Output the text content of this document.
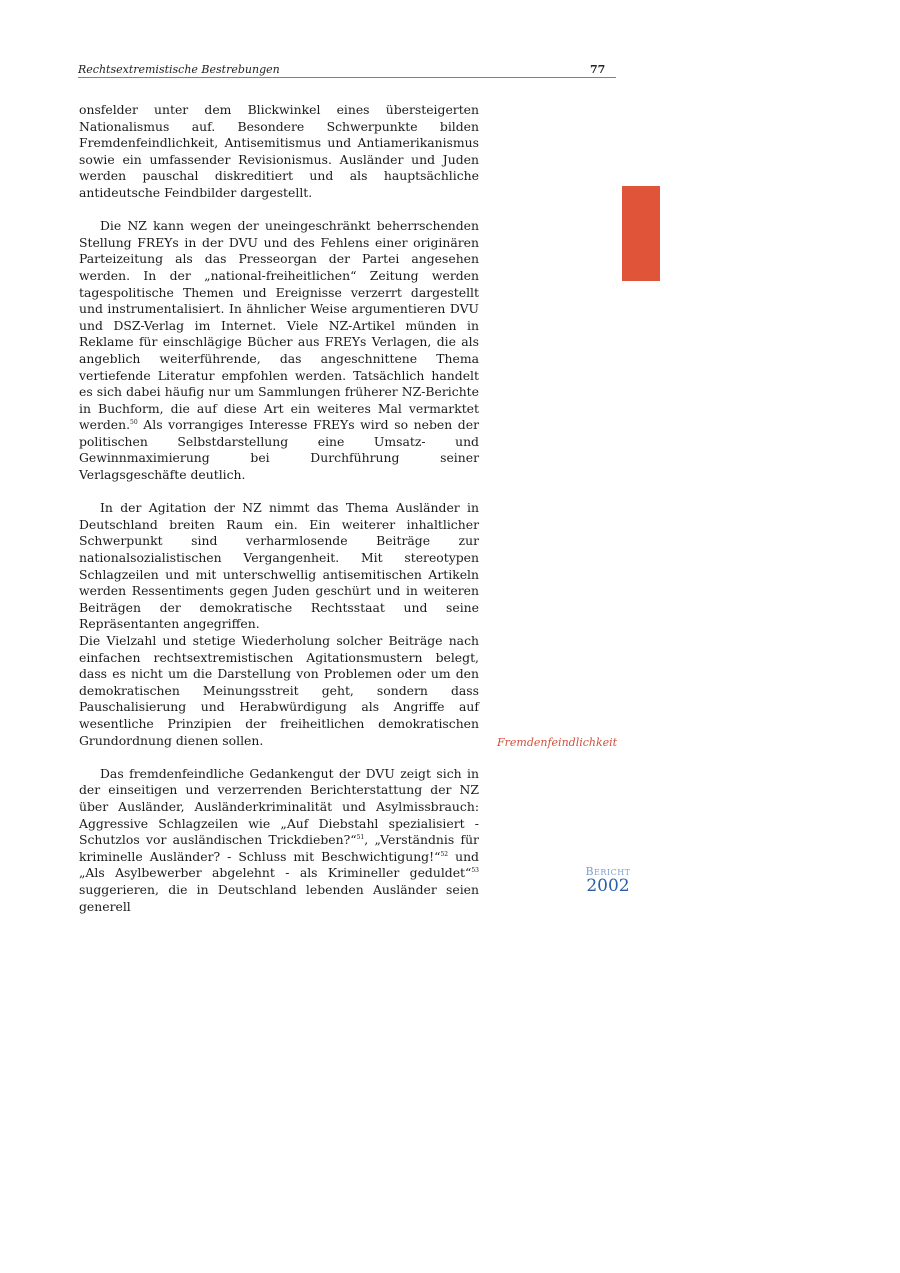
Rechtsextremistische Bestrebungen	77

onsfelder unter dem Blickwinkel eines übersteigerten Nationalismus auf. Besondere Schwerpunkte bilden Fremdenfeindlichkeit, Antisemitismus und Antiamerikanismus sowie ein umfassender Revisionismus. Ausländer und Juden werden pauschal diskreditiert und als hauptsächliche antideutsche Feindbilder dargestellt.

Die NZ kann wegen der uneingeschränkt beherrschenden Stellung FREYs in der DVU und des Fehlens einer originären Parteizeitung als das Presseorgan der Partei angesehen werden. In der „national-freiheitlichen“ Zeitung werden tagespolitische Themen und Ereignisse verzerrt dargestellt und instrumentalisiert. In ähnlicher Weise argumentieren DVU und DSZ-Verlag im Internet. Viele NZ-Artikel münden in Reklame für einschlägige Bücher aus FREYs Verlagen, die als angeblich weiterführende, das angeschnittene Thema vertiefende Literatur empfohlen werden. Tatsächlich handelt es sich dabei häufig nur um Sammlungen früherer NZ-Berichte in Buchform, die auf diese Art ein weiteres Mal vermarktet werden.$^{50}$ Als vorrangiges Interesse FREYs wird so neben der politischen Selbstdarstellung eine Umsatz- und Gewinnmaximierung bei Durchführung seiner Verlagsgeschäfte deutlich.

In der Agitation der NZ nimmt das Thema Ausländer in Deutschland breiten Raum ein. Ein weiterer inhaltlicher Schwerpunkt sind verharmlosende Beiträge zur nationalsozialistischen Vergangenheit. Mit stereotypen Schlagzeilen und mit unterschwellig antisemitischen Artikeln werden Ressentiments gegen Juden geschürt und in weiteren Beiträgen der demokratische Rechtsstaat und seine Repräsentanten angegriffen.

Die Vielzahl und stetige Wiederholung solcher Beiträge nach einfachen rechtsextremistischen Agitationsmustern belegt, dass es nicht um die Darstellung von Problemen oder um den demokratischen Meinungsstreit geht, sondern dass Pauschalisierung und Herabwürdigung als Angriffe auf wesentliche Prinzipien der freiheitlichen demokratischen Grundordnung dienen sollen.

Das fremdenfeindliche Gedankengut der DVU zeigt sich in der einseitigen und verzerrenden Berichterstattung der NZ über Ausländer, Ausländerkriminalität und Asylmissbrauch: Aggressive Schlagzeilen wie „Auf Diebstahl spezialisiert - Schutzlos vor ausländischen Trickdieben?“$^{51}$, „Verständnis für kriminelle Ausländer? - Schluss mit Beschwichtigung!“$^{52}$ und „Als Asylbewerber abgelehnt - als Krimineller geduldet“$^{53}$ suggerieren, die in Deutschland lebenden Ausländer seien generell

Fremdenfeindlichkeit
Bericht
2002
